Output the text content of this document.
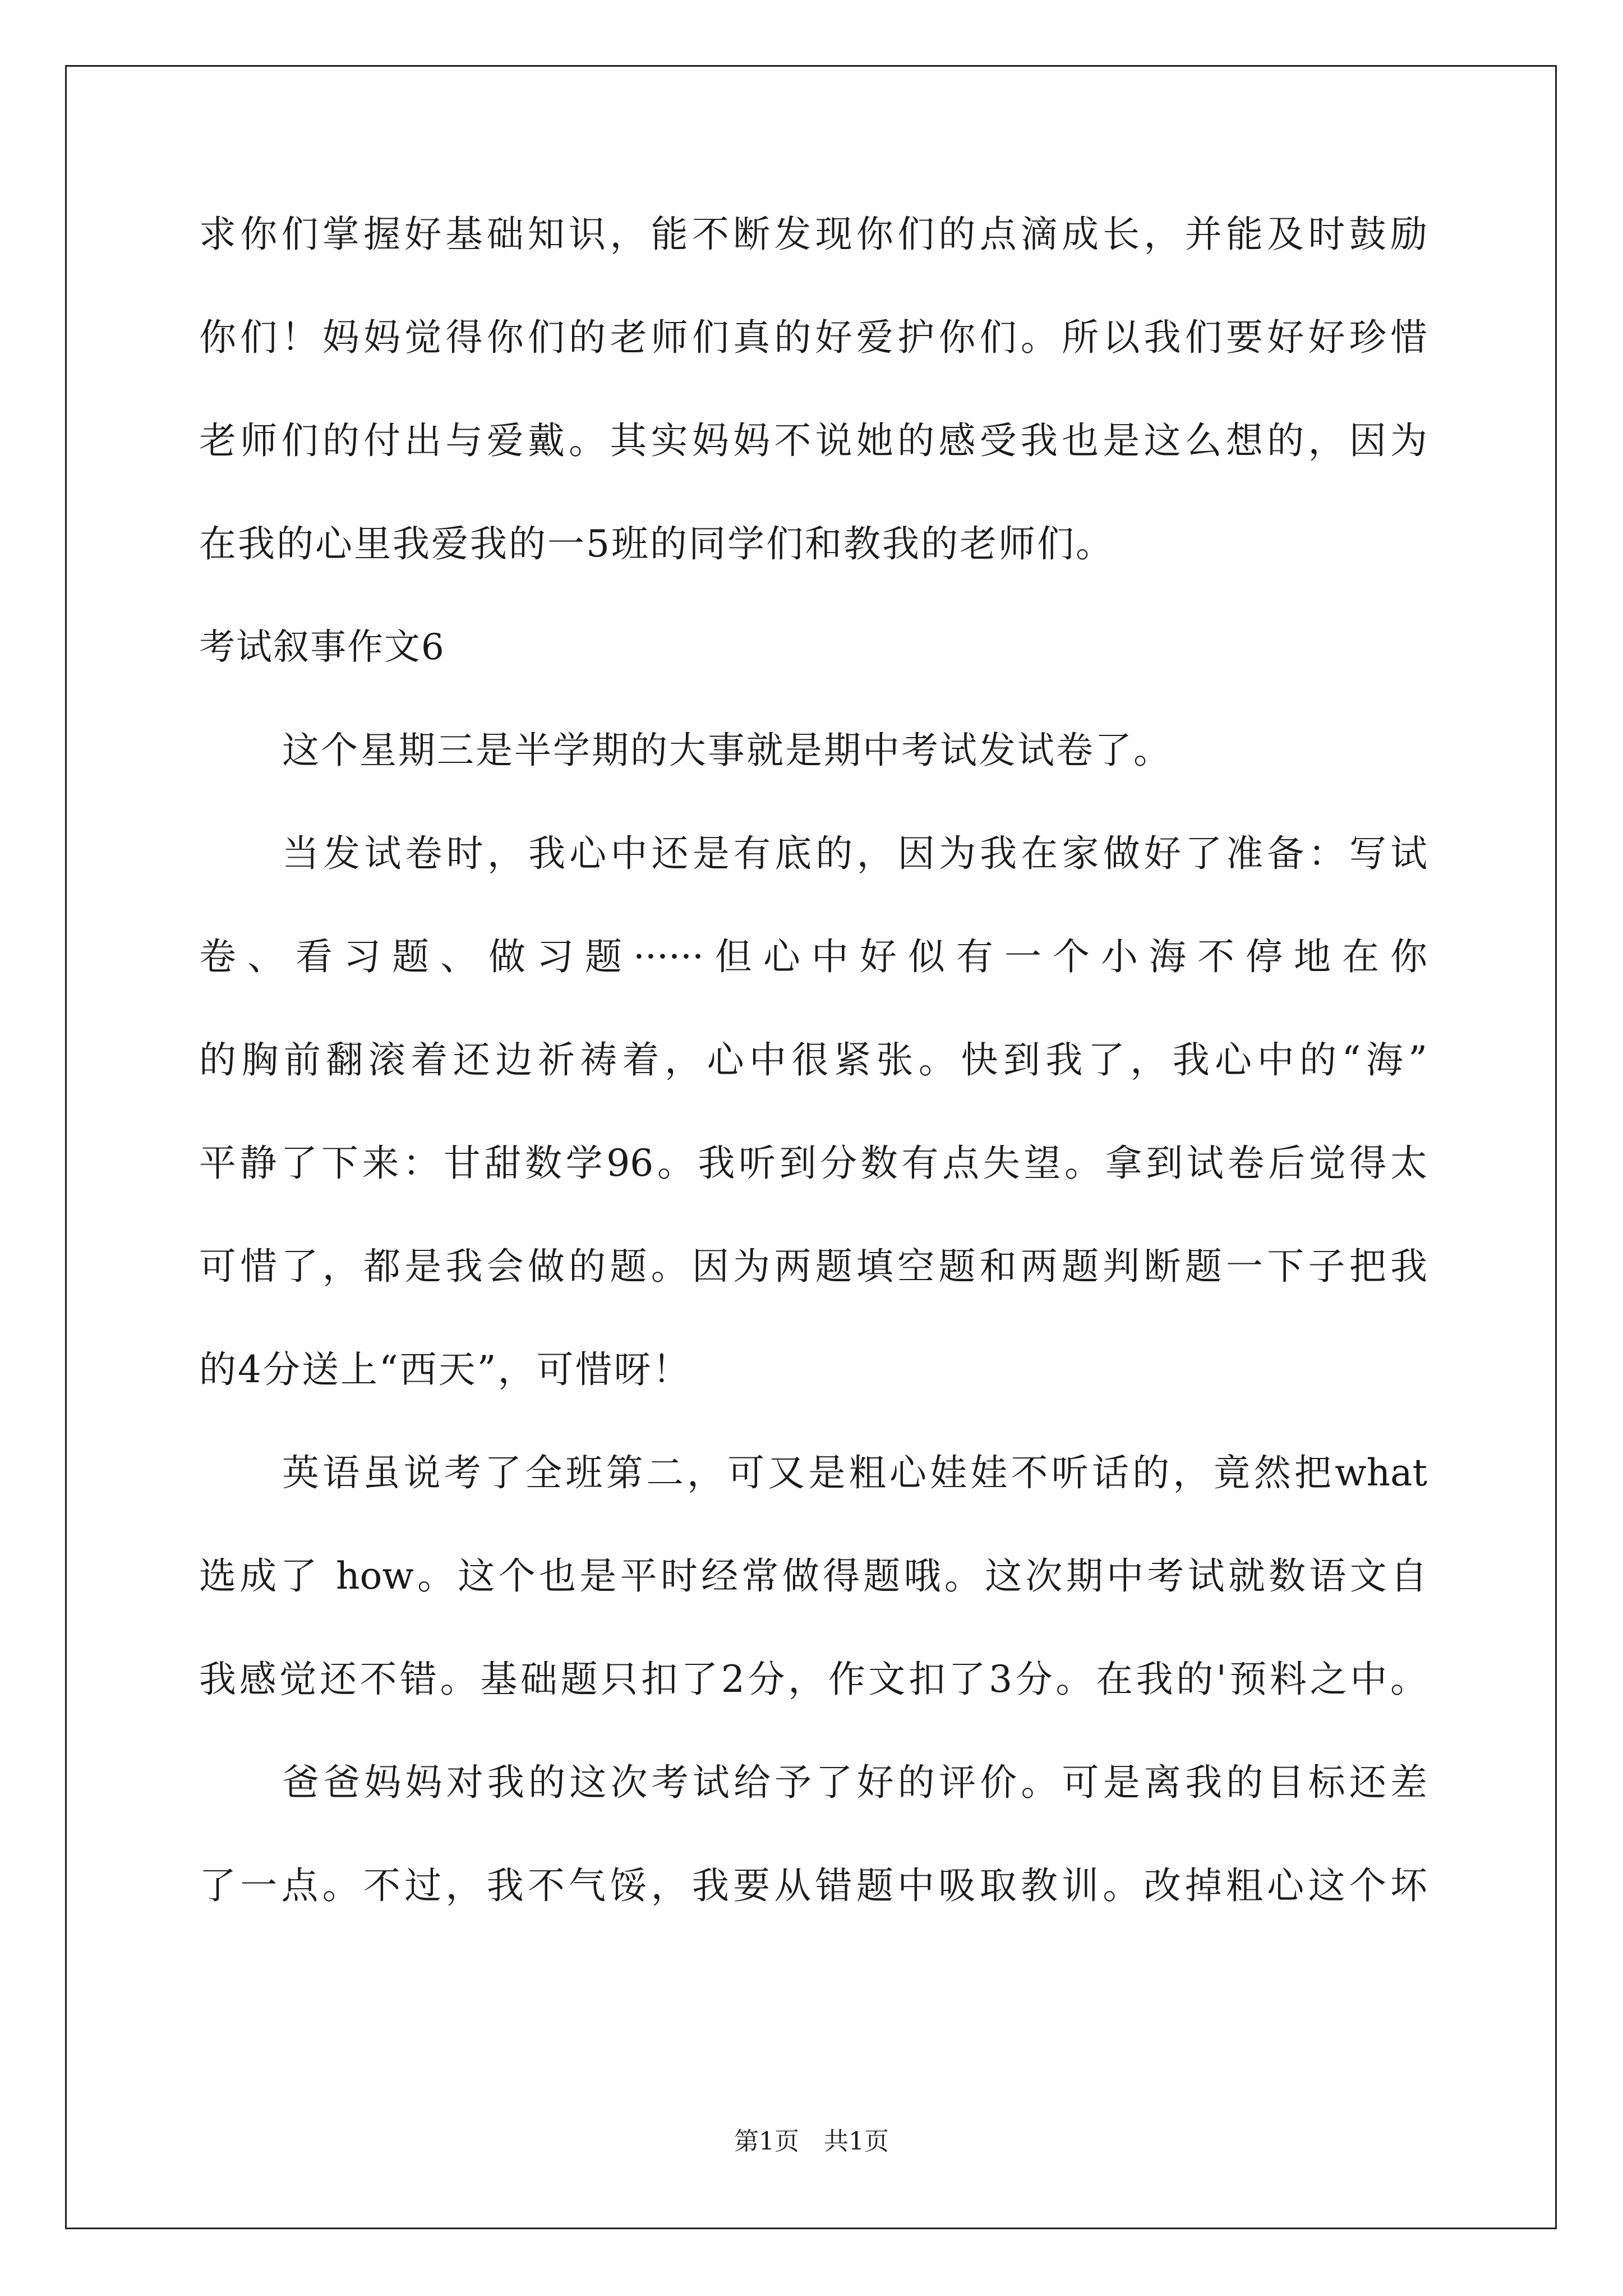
求你们掌握好基础知识，能不断发现你们的点滴成长，并能及时鼓励
你们！妈妈觉得你们的老师们真的好爱护你们。所以我们要好好珍惜
老师们的付出与爱戴。其实妈妈不说她的感受我也是这么想的，因为
在我的心里我爱我的一5班的同学们和教我的老师们。
考试叙事作文6
这个星期三是半学期的大事就是期中考试发试卷了。
当发试卷时，我心中还是有底的，因为我在家做好了准备：写试
卷、看习题、做习题······但心中好似有一个小海不停地在你
的胸前翻滚着还边祈祷着，心中很紧张。快到我了，我心中的“海”
平静了下来：甘甜数学96。我听到分数有点失望。拿到试卷后觉得太
可惜了，都是我会做的题。因为两题填空题和两题判断题一下子把我
的4分送上“西天”，可惜呀！
英语虽说考了全班第二，可又是粗心娃娃不听话的，竟然把what
选成了 how。这个也是平时经常做得题哦。这次期中考试就数语文自
我感觉还不错。基础题只扣了2分，作文扣了3分。在我的'预料之中。
爸爸妈妈对我的这次考试给予了好的评价。可是离我的目标还差
了一点。不过，我不气馁，我要从错题中吸取教训。改掉粗心这个坏
第1页　共1页
